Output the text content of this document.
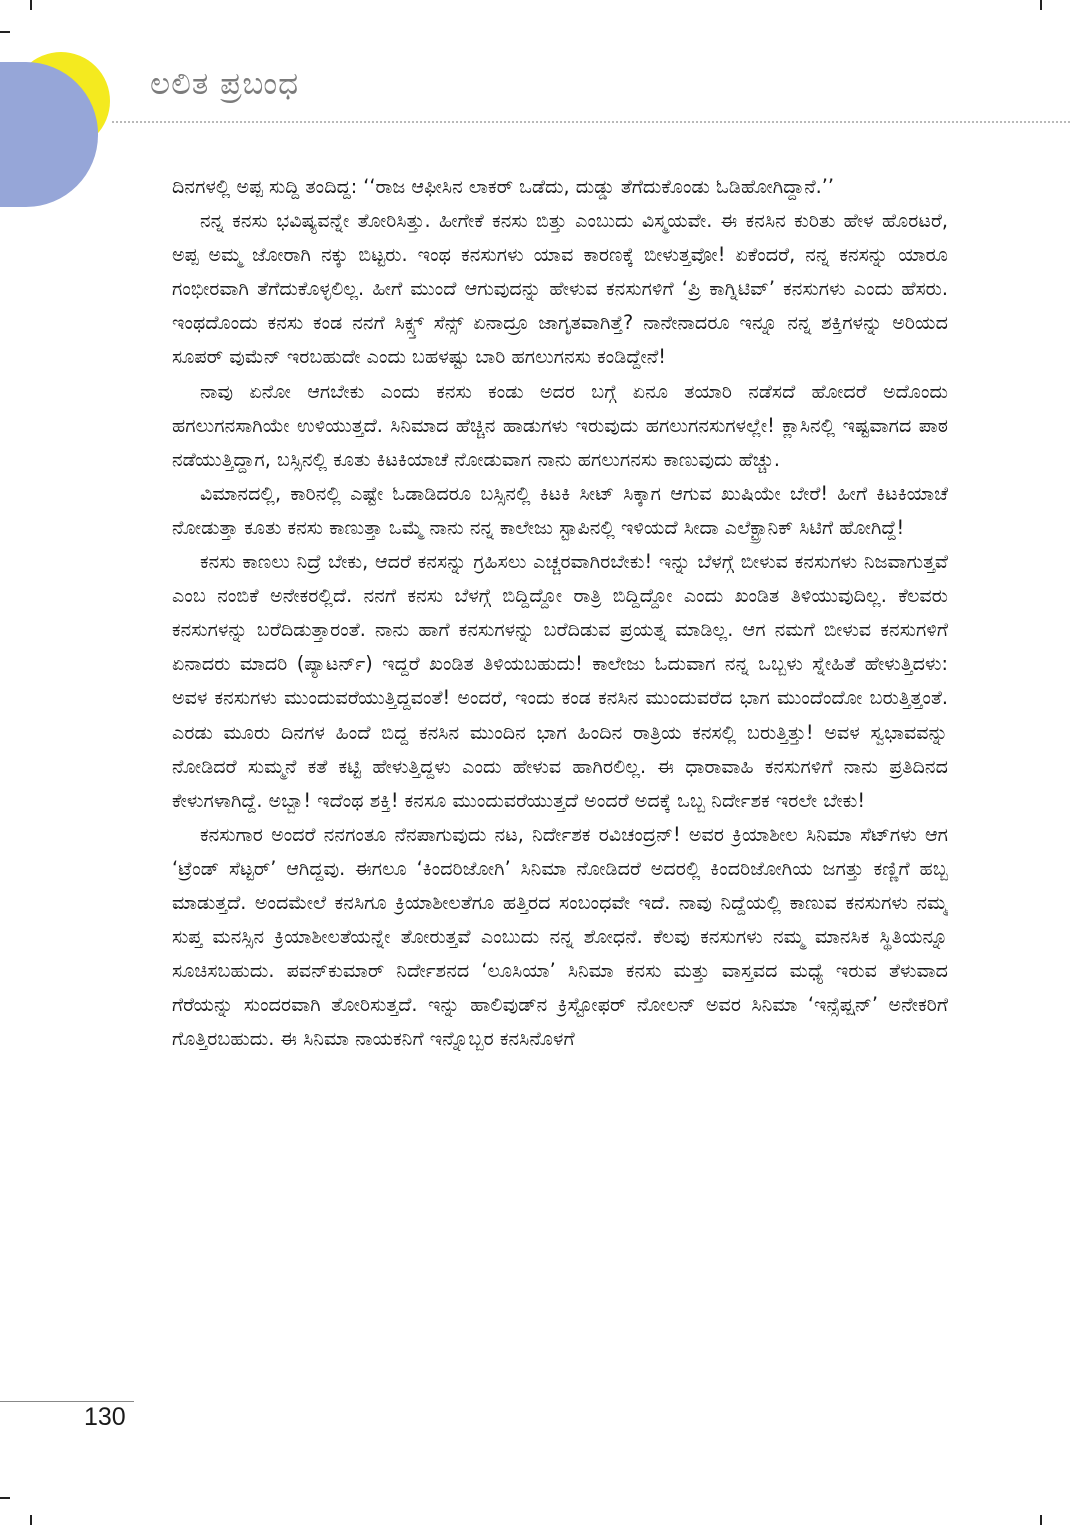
ಲಲಿತ ಪ್ರಬಂಧ

ದಿನಗಳಲ್ಲಿ ಅಪ್ಪ ಸುದ್ದಿ ತಂದಿದ್ದ: ‘‘ರಾಜ ಆಫೀಸಿನ ಲಾಕರ್ ಒಡೆದು, ದುಡ್ಡು ತೆಗೆದುಕೊಂಡು ಓಡಿಹೋಗಿದ್ದಾನೆ.’’

ನನ್ನ ಕನಸು ಭವಿಷ್ಯವನ್ನೇ ತೋರಿಸಿತ್ತು. ಹೀಗೇಕೆ ಕನಸು ಬಿತ್ತು ಎಂಬುದು ವಿಸ್ಮಯವೇ. ಈ ಕನಸಿನ ಕುರಿತು ಹೇಳ ಹೊರಟರೆ, ಅಪ್ಪ ಅಮ್ಮ ಜೋರಾಗಿ ನಕ್ಕು ಬಿಟ್ಟರು. ಇಂಥ ಕನಸುಗಳು ಯಾವ ಕಾರಣಕ್ಕೆ ಬೀಳುತ್ತವೋ! ಏಕೆಂದರೆ, ನನ್ನ ಕನಸನ್ನು ಯಾರೂ ಗಂಭೀರವಾಗಿ ತೆಗೆದುಕೊಳ್ಳಲಿಲ್ಲ. ಹೀಗೆ ಮುಂದೆ ಆಗುವುದನ್ನು ಹೇಳುವ ಕನಸುಗಳಿಗೆ ‘ಪ್ರಿ ಕಾಗ್ನಿಟಿವ್’ ಕನಸುಗಳು ಎಂದು ಹೆಸರು. ಇಂಥದೊಂದು ಕನಸು ಕಂಡ ನನಗೆ ಸಿಕ್ಸ್ತ್ ಸೆನ್ಸ್ ಏನಾದ್ರೂ ಜಾಗೃತವಾಗಿತ್ತೆ? ನಾನೇನಾದರೂ ಇನ್ನೂ ನನ್ನ ಶಕ್ತಿಗಳನ್ನು ಅರಿಯದ ಸೂಪರ್ ವುಮೆನ್ ಇರಬಹುದೇ ಎಂದು ಬಹಳಷ್ಟು ಬಾರಿ ಹಗಲುಗನಸು ಕಂಡಿದ್ದೇನೆ!

ನಾವು ಏನೋ ಆಗಬೇಕು ಎಂದು ಕನಸು ಕಂಡು ಅದರ ಬಗ್ಗೆ ಏನೂ ತಯಾರಿ ನಡೆಸದೆ ಹೋದರೆ ಅದೊಂದು ಹಗಲುಗನಸಾಗಿಯೇ ಉಳಿಯುತ್ತದೆ. ಸಿನಿಮಾದ ಹೆಚ್ಚಿನ ಹಾಡುಗಳು ಇರುವುದು ಹಗಲುಗನಸುಗಳಲ್ಲೇ! ಕ್ಲಾಸಿನಲ್ಲಿ ಇಷ್ಟವಾಗದ ಪಾಠ ನಡೆಯುತ್ತಿದ್ದಾಗ, ಬಸ್ಸಿನಲ್ಲಿ ಕೂತು ಕಿಟಕಿಯಾಚೆ ನೋಡುವಾಗ ನಾನು ಹಗಲುಗನಸು ಕಾಣುವುದು ಹೆಚ್ಚು.

ವಿಮಾನದಲ್ಲಿ, ಕಾರಿನಲ್ಲಿ ಎಷ್ಟೇ ಓಡಾಡಿದರೂ ಬಸ್ಸಿನಲ್ಲಿ ಕಿಟಕಿ ಸೀಟ್ ಸಿಕ್ಕಾಗ ಆಗುವ ಖುಷಿಯೇ ಬೇರೆ! ಹೀಗೆ ಕಿಟಕಿಯಾಚೆ ನೋಡುತ್ತಾ ಕೂತು ಕನಸು ಕಾಣುತ್ತಾ ಒಮ್ಮೆ ನಾನು ನನ್ನ ಕಾಲೇಜು ಸ್ಟಾಪಿನಲ್ಲಿ ಇಳಿಯದೆ ಸೀದಾ ಎಲೆಕ್ಟ್ರಾನಿಕ್ ಸಿಟಿಗೆ ಹೋಗಿದ್ದೆ!

ಕನಸು ಕಾಣಲು ನಿದ್ರೆ ಬೇಕು, ಆದರೆ ಕನಸನ್ನು ಗ್ರಹಿಸಲು ಎಚ್ಚರವಾಗಿರಬೇಕು! ಇನ್ನು ಬೆಳಗ್ಗೆ ಬೀಳುವ ಕನಸುಗಳು ನಿಜವಾಗುತ್ತವೆ ಎಂಬ ನಂಬಿಕೆ ಅನೇಕರಲ್ಲಿದೆ. ನನಗೆ ಕನಸು ಬೆಳಗ್ಗೆ ಬಿದ್ದಿದ್ದೋ ರಾತ್ರಿ ಬಿದ್ದಿದ್ದೋ ಎಂದು ಖಂಡಿತ ತಿಳಿಯುವುದಿಲ್ಲ. ಕೆಲವರು ಕನಸುಗಳನ್ನು ಬರೆದಿಡುತ್ತಾರಂತೆ. ನಾನು ಹಾಗೆ ಕನಸುಗಳನ್ನು ಬರೆದಿಡುವ ಪ್ರಯತ್ನ ಮಾಡಿಲ್ಲ. ಆಗ ನಮಗೆ ಬೀಳುವ ಕನಸುಗಳಿಗೆ ಏನಾದರು ಮಾದರಿ (ಪ್ಯಾಟರ್ನ್) ಇದ್ದರೆ ಖಂಡಿತ ತಿಳಿಯಬಹುದು! ಕಾಲೇಜು ಓದುವಾಗ ನನ್ನ ಒಬ್ಬಳು ಸ್ನೇಹಿತೆ ಹೇಳುತ್ತಿದಳು: ಅವಳ ಕನಸುಗಳು ಮುಂದುವರೆಯುತ್ತಿದ್ದವಂತೆ! ಅಂದರೆ, ಇಂದು ಕಂಡ ಕನಸಿನ ಮುಂದುವರೆದ ಭಾಗ ಮುಂದೆಂದೋ ಬರುತ್ತಿತ್ತಂತೆ. ಎರಡು ಮೂರು ದಿನಗಳ ಹಿಂದೆ ಬಿದ್ದ ಕನಸಿನ ಮುಂದಿನ ಭಾಗ ಹಿಂದಿನ ರಾತ್ರಿಯ ಕನಸಲ್ಲಿ ಬರುತ್ತಿತ್ತು! ಅವಳ ಸ್ವಭಾವವನ್ನು ನೋಡಿದರೆ ಸುಮ್ಮನೆ ಕತೆ ಕಟ್ಟಿ ಹೇಳುತ್ತಿದ್ದಳು ಎಂದು ಹೇಳುವ ಹಾಗಿರಲಿಲ್ಲ. ಈ ಧಾರಾವಾಹಿ ಕನಸುಗಳಿಗೆ ನಾನು ಪ್ರತಿದಿನದ ಕೇಳುಗಳಾಗಿದ್ದೆ. ಅಬ್ಬಾ! ಇದೆಂಥ ಶಕ್ತಿ! ಕನಸೂ ಮುಂದುವರೆಯುತ್ತದೆ ಅಂದರೆ ಅದಕ್ಕೆ ಒಬ್ಬ ನಿರ್ದೇಶಕ ಇರಲೇ ಬೇಕು!

ಕನಸುಗಾರ ಅಂದರೆ ನನಗಂತೂ ನೆನಪಾಗುವುದು ನಟ, ನಿರ್ದೇಶಕ ರವಿಚಂದ್ರನ್! ಅವರ ಕ್ರಿಯಾಶೀಲ ಸಿನಿಮಾ ಸೆಟ್‌ಗಳು ಆಗ ‘ಟ್ರೆಂಡ್ ಸೆಟ್ಟರ್’ ಆಗಿದ್ದವು. ಈಗಲೂ ‘ಕಿಂದರಿಜೋಗಿ’ ಸಿನಿಮಾ ನೋಡಿದರೆ ಅದರಲ್ಲಿ ಕಿಂದರಿಜೋಗಿಯ ಜಗತ್ತು ಕಣ್ಣಿಗೆ ಹಬ್ಬ ಮಾಡುತ್ತದೆ. ಅಂದಮೇಲೆ ಕನಸಿಗೂ ಕ್ರಿಯಾಶೀಲತೆಗೂ ಹತ್ತಿರದ ಸಂಬಂಧವೇ ಇದೆ. ನಾವು ನಿದ್ದೆಯಲ್ಲಿ ಕಾಣುವ ಕನಸುಗಳು ನಮ್ಮ ಸುಪ್ತ ಮನಸ್ಸಿನ ಕ್ರಿಯಾಶೀಲತೆಯನ್ನೇ ತೋರುತ್ತವೆ ಎಂಬುದು ನನ್ನ ಶೋಧನೆ. ಕೆಲವು ಕನಸುಗಳು ನಮ್ಮ ಮಾನಸಿಕ ಸ್ಥಿತಿಯನ್ನೂ ಸೂಚಿಸಬಹುದು. ಪವನ್‌ಕುಮಾರ್ ನಿರ್ದೇಶನದ ‘ಲೂಸಿಯಾ’ ಸಿನಿಮಾ ಕನಸು ಮತ್ತು ವಾಸ್ತವದ ಮಧ್ಯೆ ಇರುವ ತೆಳುವಾದ ಗೆರೆಯನ್ನು ಸುಂದರವಾಗಿ ತೋರಿಸುತ್ತದೆ. ಇನ್ನು ಹಾಲಿವುಡ್‌ನ ಕ್ರಿಸ್ಟೋಫರ್ ನೋಲನ್ ಅವರ ಸಿನಿಮಾ ‘ಇನ್ಸೆಪ್ಷನ್’ ಅನೇಕರಿಗೆ ಗೊತ್ತಿರಬಹುದು. ಈ ಸಿನಿಮಾ ನಾಯಕನಿಗೆ ಇನ್ನೊಬ್ಬರ ಕನಸಿನೊಳಗೆ

130
